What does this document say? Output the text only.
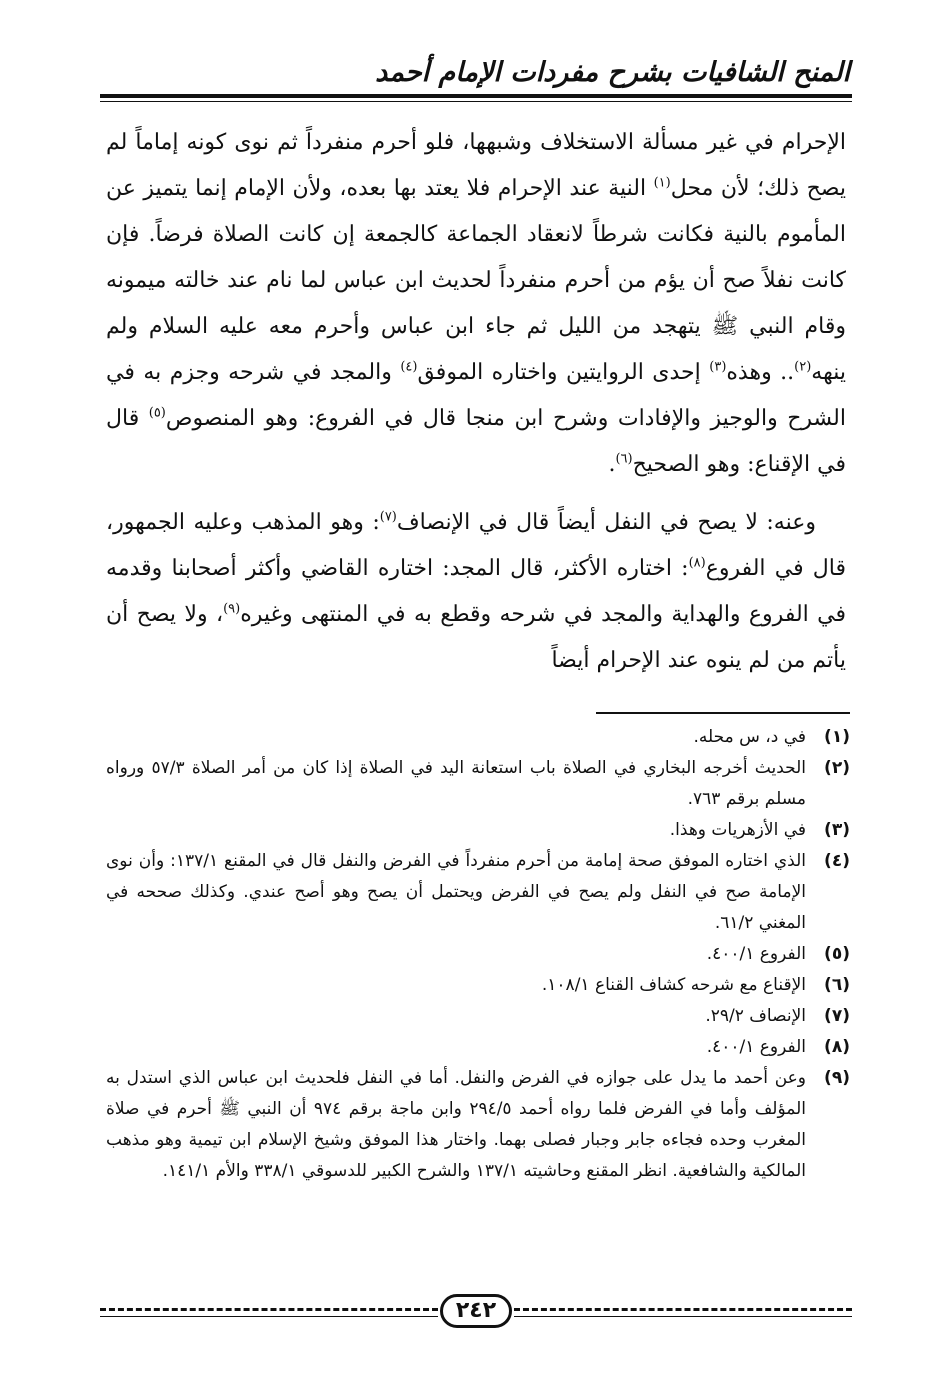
المنح الشافيات بشرح مفردات الإمام أحمد

الإحرام في غير مسألة الاستخلاف وشبهها، فلو أحرم منفرداً ثم نوى كونه إماماً لم يصح ذلك؛ لأن محل$^{(١)}$ النية عند الإحرام فلا يعتد بها بعده، ولأن الإمام إنما يتميز عن المأموم بالنية فكانت شرطاً لانعقاد الجماعة كالجمعة إن كانت الصلاة فرضاً. فإن كانت نفلاً صح أن يؤم من أحرم منفرداً لحديث ابن عباس لما نام عند خالته ميمونه وقام النبي ﷺ يتهجد من الليل ثم جاء ابن عباس وأحرم معه عليه السلام ولم ينهه$^{(٢)}$.. وهذه$^{(٣)}$ إحدى الروايتين واختاره الموفق$^{(٤)}$ والمجد في شرحه وجزم به في الشرح والوجيز والإفادات وشرح ابن منجا قال في الفروع: وهو المنصوص$^{(٥)}$ قال في الإقناع: وهو الصحيح$^{(٦)}$.

وعنه: لا يصح في النفل أيضاً قال في الإنصاف$^{(٧)}$: وهو المذهب وعليه الجمهور، قال في الفروع$^{(٨)}$: اختاره الأكثر، قال المجد: اختاره القاضي وأكثر أصحابنا وقدمه في الفروع والهداية والمجد في شرحه وقطع به في المنتهى وغيره$^{(٩)}$، ولا يصح أن يأتم من لم ينوه عند الإحرام أيضاً

(١)
في د، س محله.
(٢)
الحديث أخرجه البخاري في الصلاة باب استعانة اليد في الصلاة إذا كان من أمر الصلاة ٥٧/٣ ورواه مسلم برقم ٧٦٣.
(٣)
في الأزهريات وهذا.
(٤)
الذي اختاره الموفق صحة إمامة من أحرم منفرداً في الفرض والنفل قال في المقنع ١٣٧/١: وأن نوى الإمامة صح في النفل ولم يصح في الفرض ويحتمل أن يصح وهو أصح عندي. وكذلك صححه في المغني ٦١/٢.
(٥)
الفروع ٤٠٠/١.
(٦)
الإقناع مع شرحه كشاف القناع ١٠٨/١.
(٧)
الإنصاف ٢٩/٢.
(٨)
الفروع ٤٠٠/١.
(٩)
وعن أحمد ما يدل على جوازه في الفرض والنفل. أما في النفل فلحديث ابن عباس الذي استدل به المؤلف وأما في الفرض فلما رواه أحمد ٢٩٤/٥ وابن ماجة برقم ٩٧٤ أن النبي ﷺ أحرم في صلاة المغرب وحده فجاءه جابر وجبار فصلى بهما. واختار هذا الموفق وشيخ الإسلام ابن تيمية وهو مذهب المالكية والشافعية. انظر المقنع وحاشيته ١٣٧/١ والشرح الكبير للدسوقي ٣٣٨/١ والأم ١٤١/١.
٢٤٢
